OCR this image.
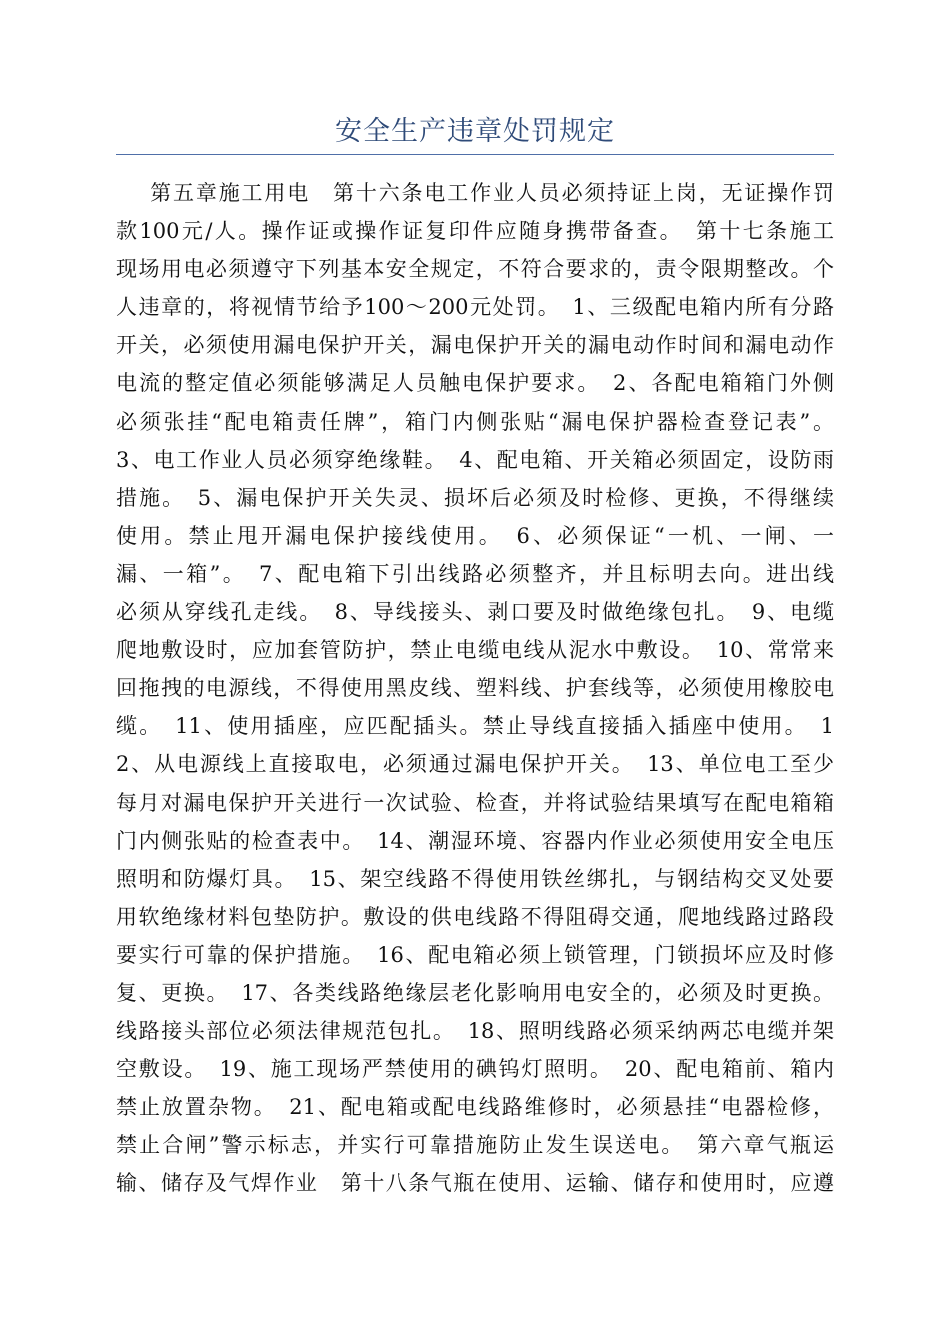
安全生产违章处罚规定
第五章施工用电　第十六条电工作业人员必须持证上岗，无证操作罚
款100元/人。操作证或操作证复印件应随身携带备查。　第十七条施工
现场用电必须遵守下列基本安全规定，不符合要求的，责令限期整改。个
人违章的，将视情节给予100～200元处罚。　1、三级配电箱内所有分路
开关，必须使用漏电保护开关，漏电保护开关的漏电动作时间和漏电动作
电流的整定值必须能够满足人员触电保护要求。　2、各配电箱箱门外侧
必须张挂“配电箱责任牌”，箱门内侧张贴“漏电保护器检查登记表”。
3、电工作业人员必须穿绝缘鞋。　4、配电箱、开关箱必须固定，设防雨
措施。　5、漏电保护开关失灵、损坏后必须及时检修、更换，不得继续
使用。禁止甩开漏电保护接线使用。　6、必须保证“一机、一闸、一
漏、一箱”。　7、配电箱下引出线路必须整齐，并且标明去向。进出线
必须从穿线孔走线。　8、导线接头、剥口要及时做绝缘包扎。　9、电缆
爬地敷设时，应加套管防护，禁止电缆电线从泥水中敷设。　10、常常来
回拖拽的电源线，不得使用黑皮线、塑料线、护套线等，必须使用橡胶电
缆。　11、使用插座，应匹配插头。禁止导线直接插入插座中使用。　1
2、从电源线上直接取电，必须通过漏电保护开关。　13、单位电工至少
每月对漏电保护开关进行一次试验、检查，并将试验结果填写在配电箱箱
门内侧张贴的检查表中。　14、潮湿环境、容器内作业必须使用安全电压
照明和防爆灯具。　15、架空线路不得使用铁丝绑扎，与钢结构交叉处要
用软绝缘材料包垫防护。敷设的供电线路不得阻碍交通，爬地线路过路段
要实行可靠的保护措施。　16、配电箱必须上锁管理，门锁损坏应及时修
复、更换。　17、各类线路绝缘层老化影响用电安全的，必须及时更换。
线路接头部位必须法律规范包扎。　18、照明线路必须采纳两芯电缆并架
空敷设。　19、施工现场严禁使用的碘钨灯照明。　20、配电箱前、箱内
禁止放置杂物。　21、配电箱或配电线路维修时，必须悬挂“电器检修，
禁止合闸”警示标志，并实行可靠措施防止发生误送电。　第六章气瓶运
输、储存及气焊作业　第十八条气瓶在使用、运输、储存和使用时，应遵
